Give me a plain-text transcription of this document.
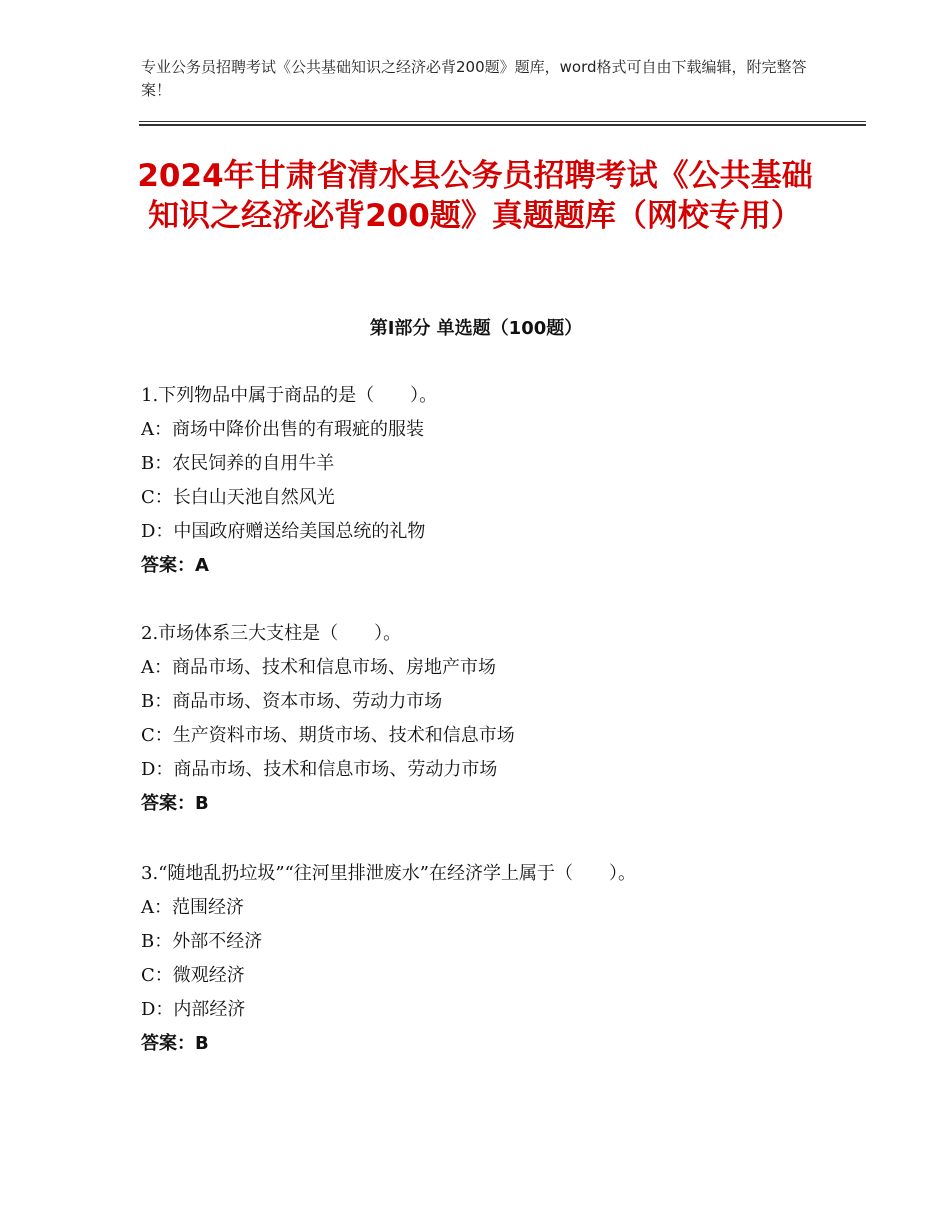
专业公务员招聘考试《公共基础知识之经济必背200题》题库，word格式可自由下载编辑，附完整答案！
2024年甘肃省清水县公务员招聘考试《公共基础知识之经济必背200题》真题题库（网校专用）
第Ⅰ部分 单选题（100题）
1.下列物品中属于商品的是（　　）。
A：商场中降价出售的有瑕疵的服装
B：农民饲养的自用牛羊
C：长白山天池自然风光
D：中国政府赠送给美国总统的礼物
答案：A
2.市场体系三大支柱是（　　）。
A：商品市场、技术和信息市场、房地产市场
B：商品市场、资本市场、劳动力市场
C：生产资料市场、期货市场、技术和信息市场
D：商品市场、技术和信息市场、劳动力市场
答案：B
3.“随地乱扔垃圾”“往河里排泄废水”在经济学上属于（　　）。
A：范围经济
B：外部不经济
C：微观经济
D：内部经济
答案：B
